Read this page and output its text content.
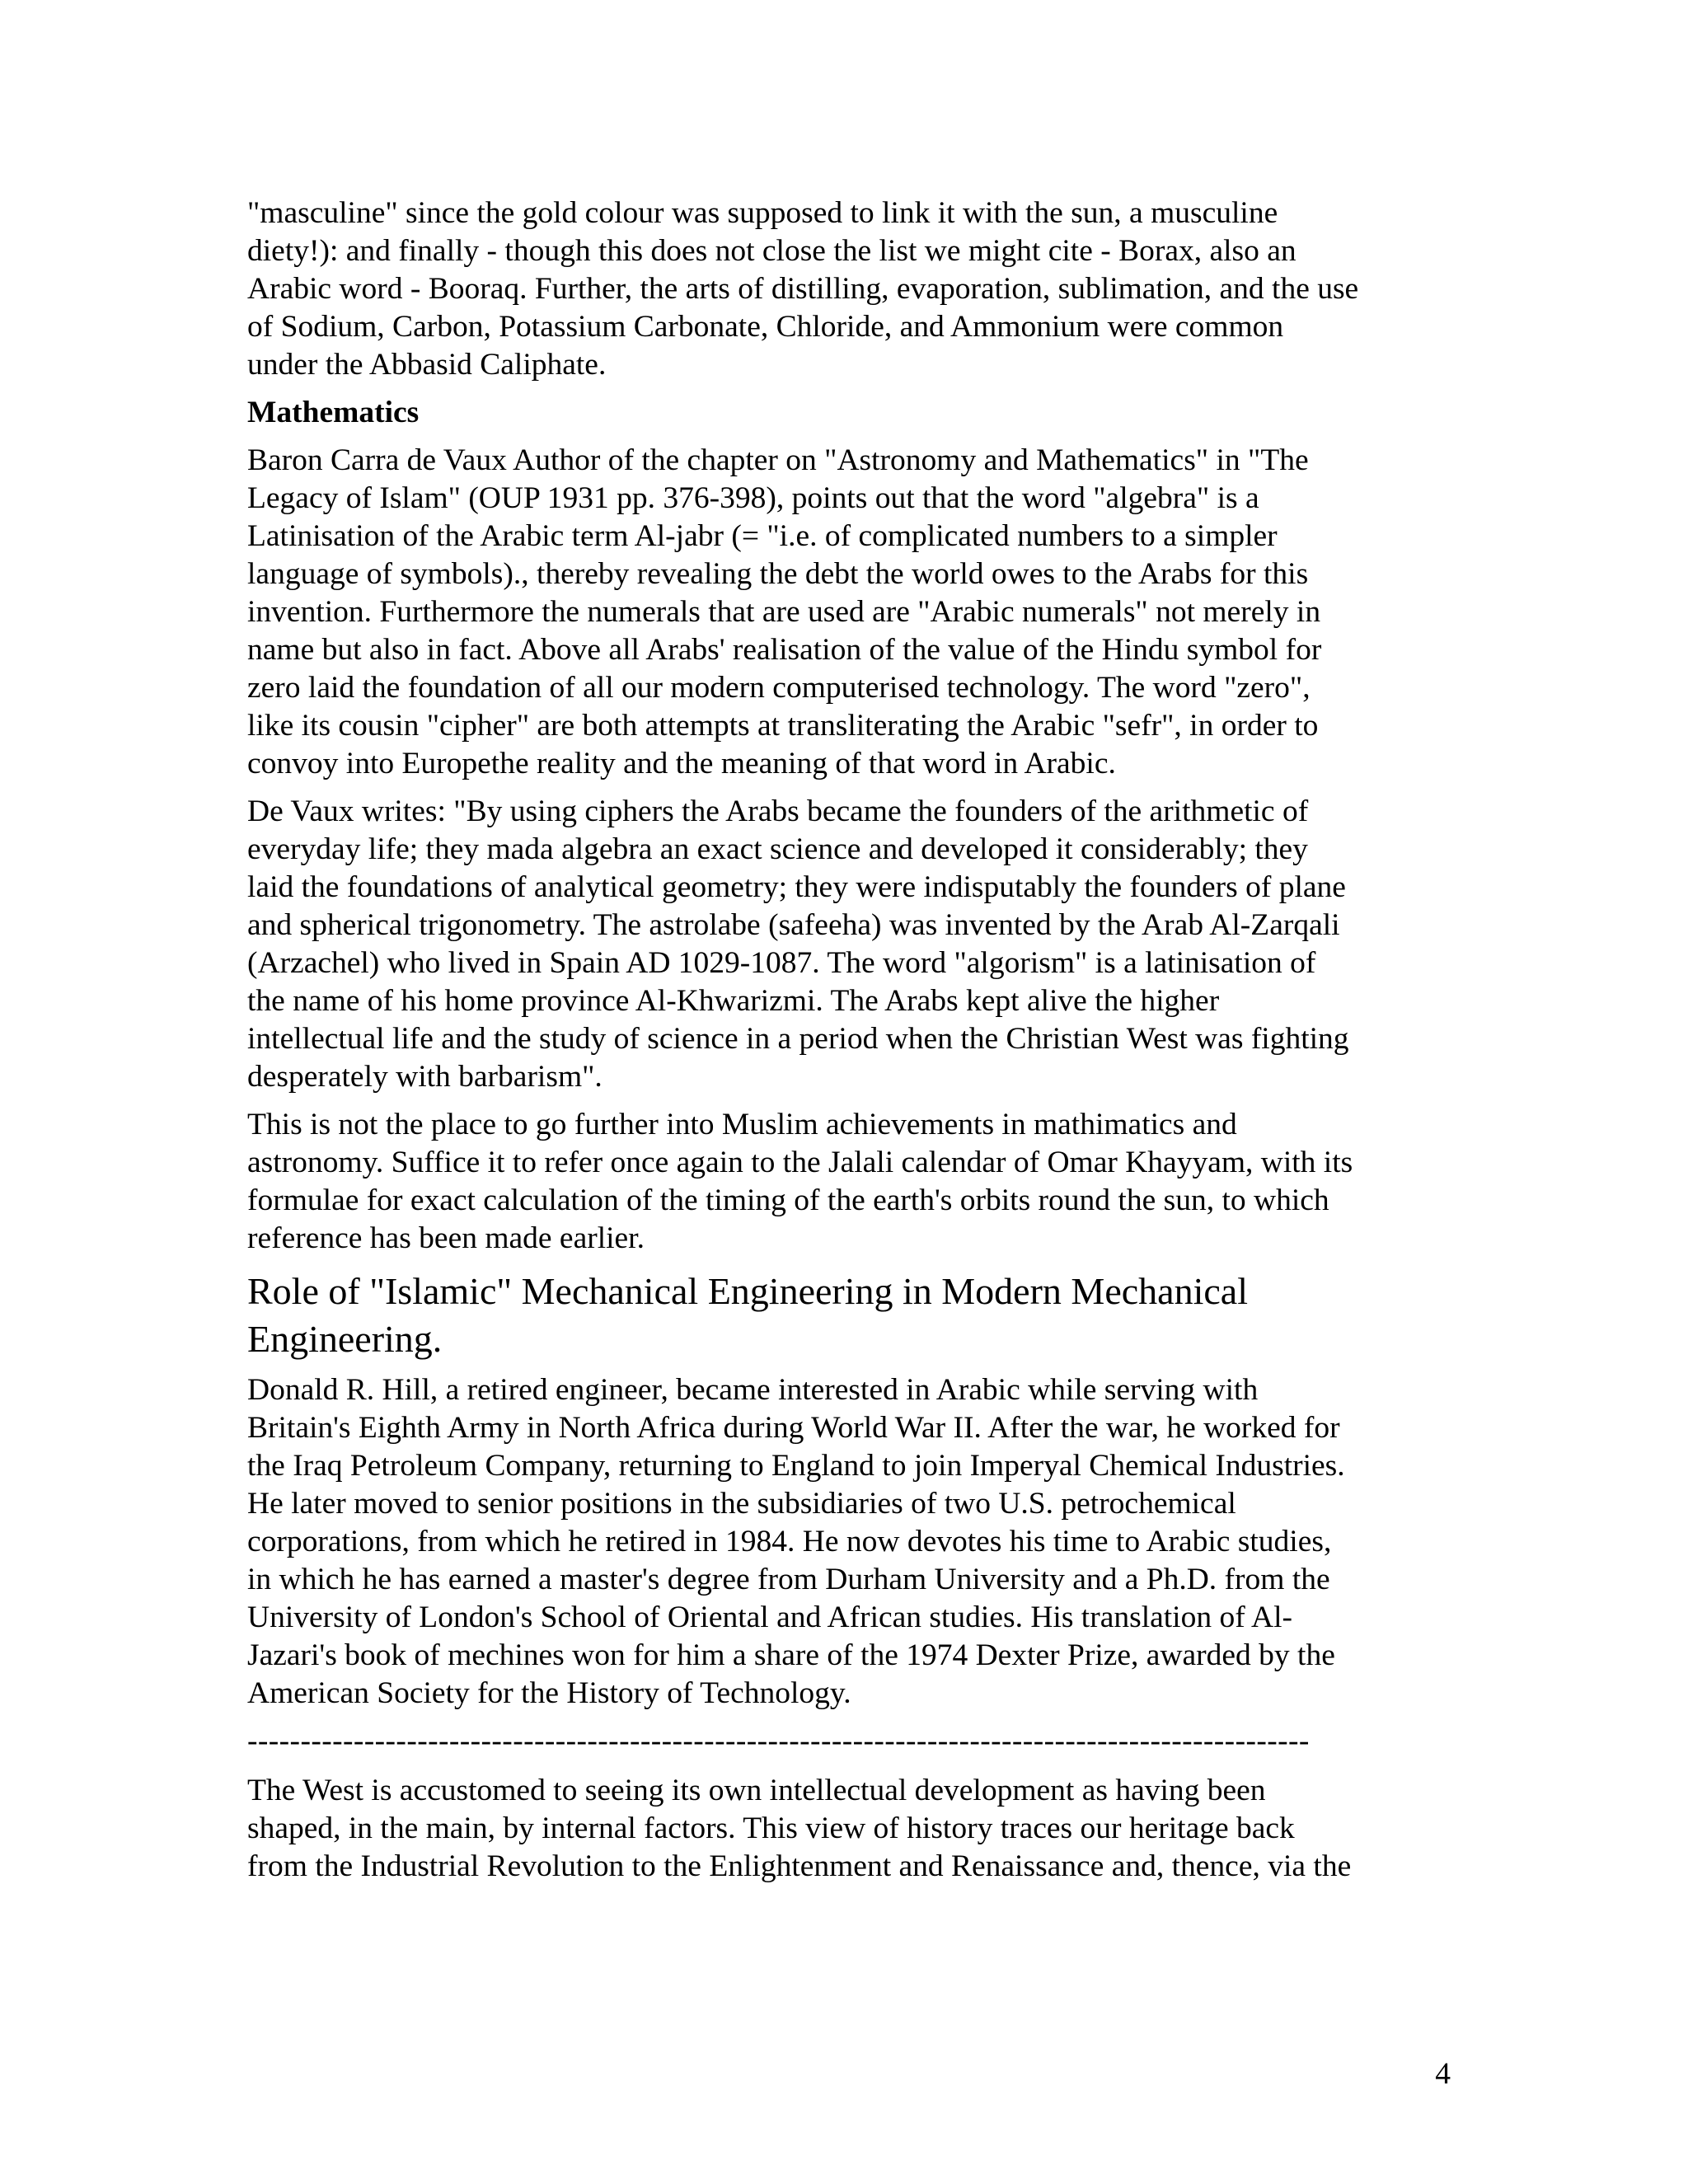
"masculine" since the gold colour was supposed to link it with the sun, a musculine
diety!): and finally - though this does not close the list we might cite - Borax, also an
Arabic word - Booraq. Further, the arts of distilling, evaporation, sublimation, and the use
of Sodium, Carbon, Potassium Carbonate, Chloride, and Ammonium were common
under the Abbasid Caliphate.

Mathematics

Baron Carra de Vaux Author of the chapter on "Astronomy and Mathematics" in "The
Legacy of Islam" (OUP 1931 pp. 376-398), points out that the word "algebra" is a
Latinisation of the Arabic term Al-jabr (= "i.e. of complicated numbers to a simpler
language of symbols)., thereby revealing the debt the world owes to the Arabs for this
invention. Furthermore the numerals that are used are "Arabic numerals" not merely in
name but also in fact. Above all Arabs' realisation of the value of the Hindu symbol for
zero laid the foundation of all our modern computerised technology. The word "zero",
like its cousin "cipher" are both attempts at transliterating the Arabic "sefr", in order to
convoy into Europethe reality and the meaning of that word in Arabic.

De Vaux writes: "By using ciphers the Arabs became the founders of the arithmetic of
everyday life; they mada algebra an exact science and developed it considerably; they
laid the foundations of analytical geometry; they were indisputably the founders of plane
and spherical trigonometry. The astrolabe (safeeha) was invented by the Arab Al-Zarqali
(Arzachel) who lived in Spain AD 1029-1087. The word "algorism" is a latinisation of
the name of his home province Al-Khwarizmi. The Arabs kept alive the higher
intellectual life and the study of science in a period when the Christian West was fighting
desperately with barbarism".

This is not the place to go further into Muslim achievements in mathimatics and
astronomy. Suffice it to refer once again to the Jalali calendar of Omar Khayyam, with its
formulae for exact calculation of the timing of the earth's orbits round the sun, to which
reference has been made earlier.

Role of "Islamic" Mechanical Engineering in Modern Mechanical
Engineering.

Donald R. Hill, a retired engineer, became interested in Arabic while serving with
Britain's Eighth Army in North Africa during World War II. After the war, he worked for
the Iraq Petroleum Company, returning to England to join Imperyal Chemical Industries.
He later moved to senior positions in the subsidiaries of two U.S. petrochemical
corporations, from which he retired in 1984. He now devotes his time to Arabic studies,
in which he has earned a master's degree from Durham University and a Ph.D. from the
University of London's School of Oriental and African studies. His translation of Al-
Jazari's book of mechines won for him a share of the 1974 Dexter Prize, awarded by the
American Society for the History of Technology.

----------------------------------------------------------------------------------------------------

The West is accustomed to seeing its own intellectual development as having been
shaped, in the main, by internal factors. This view of history traces our heritage back
from the Industrial Revolution to the Enlightenment and Renaissance and, thence, via the

4
